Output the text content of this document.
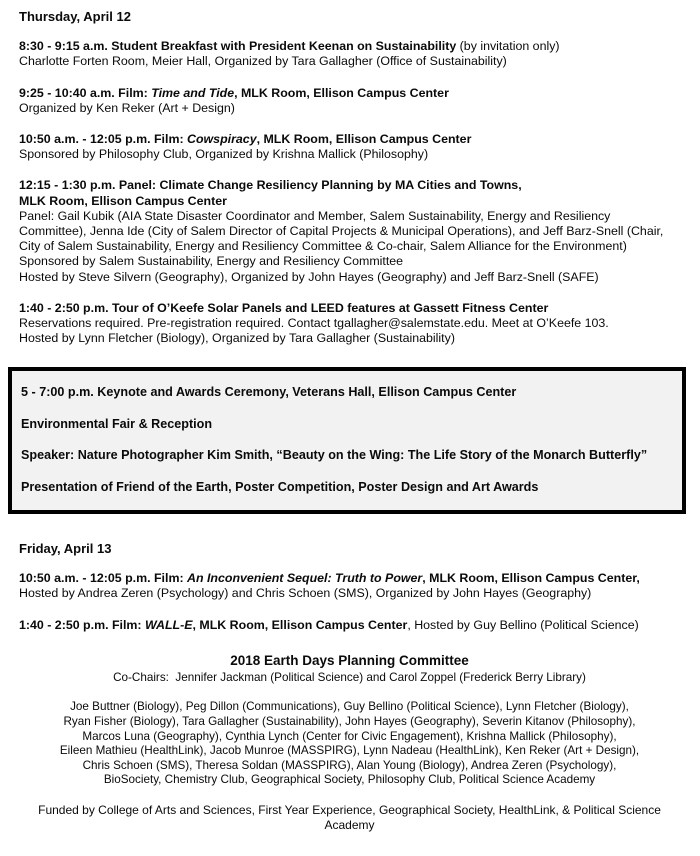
Thursday, April 12

8:30 - 9:15 a.m. Student Breakfast with President Keenan on Sustainability (by invitation only)

Charlotte Forten Room, Meier Hall, Organized by Tara Gallagher (Office of Sustainability)

9:25 - 10:40 a.m. Film: Time and Tide, MLK Room, Ellison Campus Center

Organized by Ken Reker (Art + Design)

10:50 a.m. - 12:05 p.m. Film: Cowspiracy, MLK Room, Ellison Campus Center

Sponsored by Philosophy Club, Organized by Krishna Mallick (Philosophy)

12:15 - 1:30 p.m. Panel: Climate Change Resiliency Planning by MA Cities and Towns,

MLK Room, Ellison Campus Center

Panel: Gail Kubik (AIA State Disaster Coordinator and Member, Salem Sustainability, Energy and Resiliency Committee), Jenna Ide (City of Salem Director of Capital Projects & Municipal Operations), and Jeff Barz-Snell (Chair, City of Salem Sustainability, Energy and Resiliency Committee & Co-chair, Salem Alliance for the Environment)

Sponsored by Salem Sustainability, Energy and Resiliency Committee

Hosted by Steve Silvern (Geography), Organized by John Hayes (Geography) and Jeff Barz-Snell (SAFE)

1:40 - 2:50 p.m. Tour of O’Keefe Solar Panels and LEED features at Gassett Fitness Center

Reservations required. Pre-registration required. Contact tgallagher@salemstate.edu. Meet at O’Keefe 103.

Hosted by Lynn Fletcher (Biology), Organized by Tara Gallagher (Sustainability)

5 - 7:00 p.m. Keynote and Awards Ceremony, Veterans Hall, Ellison Campus Center

Environmental Fair & Reception

Speaker: Nature Photographer Kim Smith, “Beauty on the Wing: The Life Story of the Monarch Butterfly”

Presentation of Friend of the Earth, Poster Competition, Poster Design and Art Awards

Friday, April 13

10:50 a.m. - 12:05 p.m. Film: An Inconvenient Sequel: Truth to Power, MLK Room, Ellison Campus Center, Hosted by Andrea Zeren (Psychology) and Chris Schoen (SMS), Organized by John Hayes (Geography)

1:40 - 2:50 p.m. Film: WALL-E, MLK Room, Ellison Campus Center, Hosted by Guy Bellino (Political Science)

2018 Earth Days Planning Committee
Co-Chairs:  Jennifer Jackman (Political Science) and Carol Zoppel (Frederick Berry Library)
Joe Buttner (Biology), Peg Dillon (Communications), Guy Bellino (Political Science), Lynn Fletcher (Biology),
Ryan Fisher (Biology), Tara Gallagher (Sustainability), John Hayes (Geography), Severin Kitanov (Philosophy),
Marcos Luna (Geography), Cynthia Lynch (Center for Civic Engagement), Krishna Mallick (Philosophy),
Eileen Mathieu (HealthLink), Jacob Munroe (MASSPIRG), Lynn Nadeau (HealthLink), Ken Reker (Art + Design),
Chris Schoen (SMS), Theresa Soldan (MASSPIRG), Alan Young (Biology), Andrea Zeren (Psychology),
BioSociety, Chemistry Club, Geographical Society, Philosophy Club, Political Science Academy
Funded by College of Arts and Sciences, First Year Experience, Geographical Society, HealthLink, & Political Science Academy
